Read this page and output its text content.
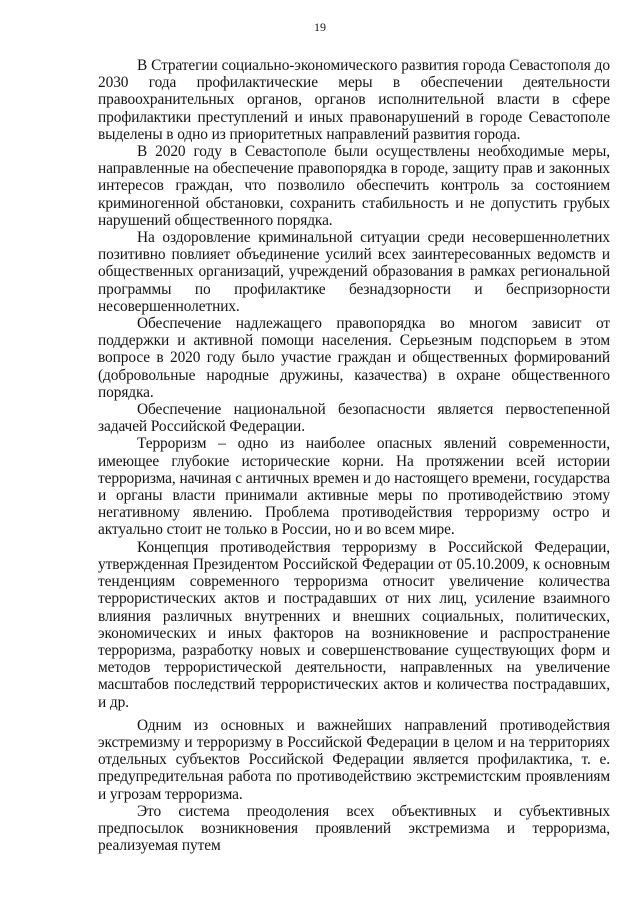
19

В Стратегии социально-экономического развития города Севастополя до 2030 года профилактические меры в обеспечении деятельности правоохранительных органов, органов исполнительной власти в сфере профилактики преступлений и иных правонарушений в городе Севастополе выделены в одно из приоритетных направлений развития города.

В 2020 году в Севастополе были осуществлены необходимые меры, направленные на обеспечение правопорядка в городе, защиту прав и законных интересов граждан, что позволило обеспечить контроль за состоянием криминогенной обстановки, сохранить стабильность и не допустить грубых нарушений общественного порядка.

На оздоровление криминальной ситуации среди несовершеннолетних позитивно повлияет объединение усилий всех заинтересованных ведомств и общественных организаций, учреждений образования в рамках региональной программы по профилактике безнадзорности и беспризорности несовершеннолетних.

Обеспечение надлежащего правопорядка во многом зависит от поддержки и активной помощи населения. Серьезным подспорьем в этом вопросе в 2020 году было участие граждан и общественных формирований (добровольные народные дружины, казачества) в охране общественного порядка.

Обеспечение национальной безопасности является первостепенной задачей Российской Федерации.

Терроризм – одно из наиболее опасных явлений современности, имеющее глубокие исторические корни. На протяжении всей истории терроризма, начиная с античных времен и до настоящего времени, государства и органы власти принимали активные меры по противодействию этому негативному явлению. Проблема противодействия терроризму остро и актуально стоит не только в России, но и во всем мире.

Концепция противодействия терроризму в Российской Федерации, утвержденная Президентом Российской Федерации от 05.10.2009, к основным тенденциям современного терроризма относит увеличение количества террористических актов и пострадавших от них лиц, усиление взаимного влияния различных внутренних и внешних социальных, политических, экономических и иных факторов на возникновение и распространение терроризма, разработку новых и совершенствование существующих форм и методов террористической деятельности, направленных на увеличение масштабов последствий террористических актов и количества пострадавших, и др.

Одним из основных и важнейших направлений противодействия экстремизму и терроризму в Российской Федерации в целом и на территориях отдельных субъектов Российской Федерации является профилактика, т. е. предупредительная работа по противодействию экстремистским проявлениям и угрозам терроризма.

Это система преодоления всех объективных и субъективных предпосылок возникновения проявлений экстремизма и терроризма, реализуемая путем
